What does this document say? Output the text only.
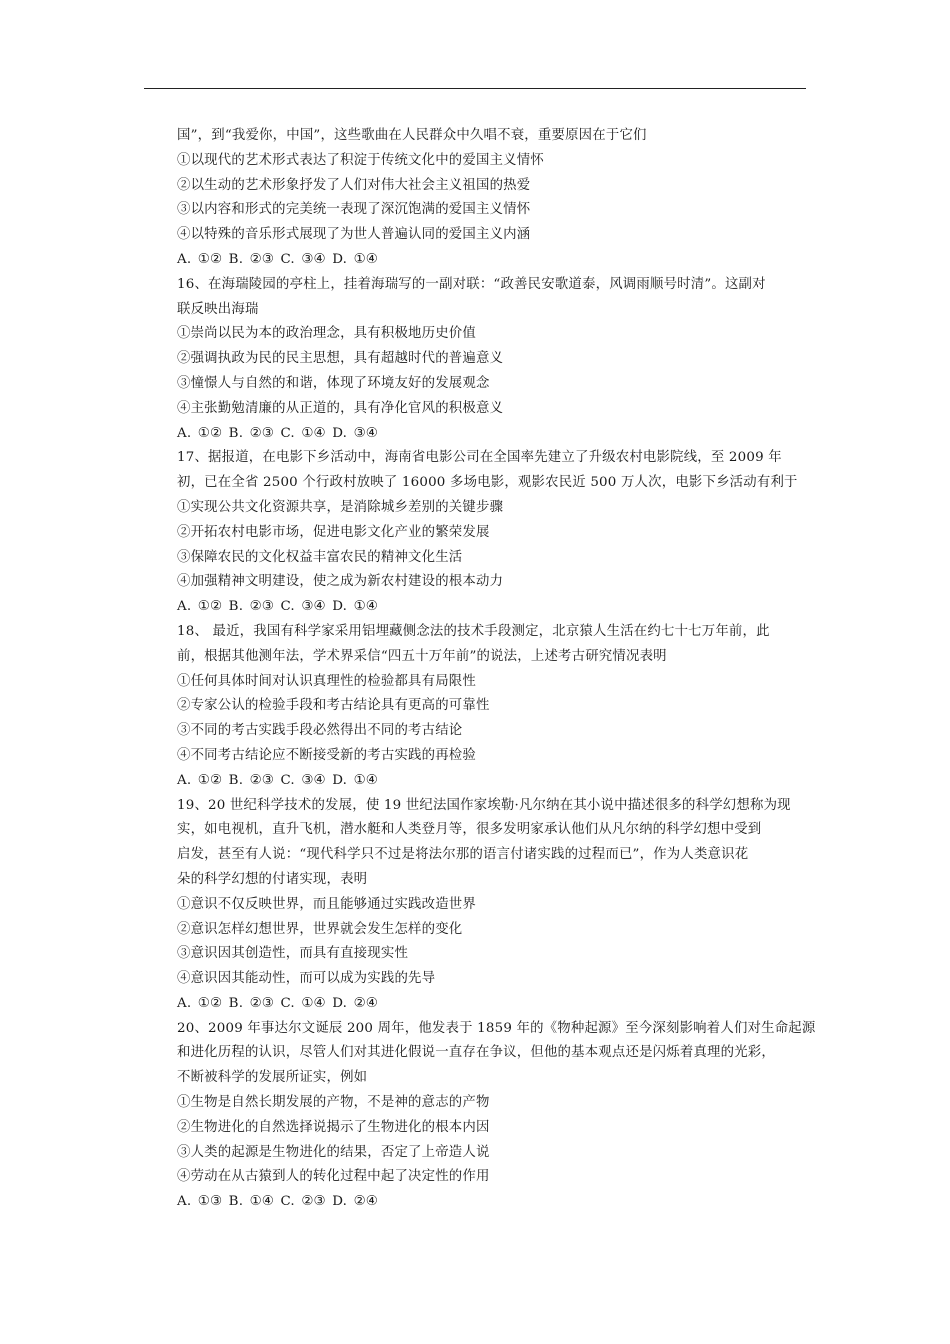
国”，到“我爱你，中国”，这些歌曲在人民群众中久唱不衰，重要原因在于它们
①以现代的艺术形式表达了积淀于传统文化中的爱国主义情怀
②以生动的艺术形象抒发了人们对伟大社会主义祖国的热爱
③以内容和形式的完美统一表现了深沉饱满的爱国主义情怀
④以特殊的音乐形式展现了为世人普遍认同的爱国主义内涵
A. ①② B. ②③ C. ③④ D. ①④
16、在海瑞陵园的亭柱上，挂着海瑞写的一副对联：“政善民安歌道泰，风调雨顺号时清”。这副对
联反映出海瑞
①崇尚以民为本的政治理念，具有积极地历史价值
②强调执政为民的民主思想，具有超越时代的普遍意义
③憧憬人与自然的和谐，体现了环境友好的发展观念
④主张勤勉清廉的从正道的，具有净化官风的积极意义
A. ①② B. ②③ C. ①④ D. ③④
17、据报道，在电影下乡活动中，海南省电影公司在全国率先建立了升级农村电影院线，至 2009 年
初，已在全省 2500 个行政村放映了 16000 多场电影，观影农民近 500 万人次，电影下乡活动有利于
①实现公共文化资源共享，是消除城乡差别的关键步骤
②开拓农村电影市场，促进电影文化产业的繁荣发展
③保障农民的文化权益丰富农民的精神文化生活
④加强精神文明建设，使之成为新农村建设的根本动力
A. ①② B. ②③ C. ③④ D. ①④
18、 最近，我国有科学家采用铝埋藏侧念法的技术手段测定，北京猿人生活在约七十七万年前，此
前，根据其他测年法，学术界采信“四五十万年前”的说法，上述考古研究情况表明
①任何具体时间对认识真理性的检验都具有局限性
②专家公认的检验手段和考古结论具有更高的可靠性
③不同的考古实践手段必然得出不同的考古结论
④不同考古结论应不断接受新的考古实践的再检验
A. ①② B. ②③ C. ③④ D. ①④
19、20 世纪科学技术的发展，使 19 世纪法国作家埃勒·凡尔纳在其小说中描述很多的科学幻想称为现
实，如电视机，直升飞机，潜水艇和人类登月等，很多发明家承认他们从凡尔纳的科学幻想中受到
启发，甚至有人说：“现代科学只不过是将法尔那的语言付诸实践的过程而已”，作为人类意识花
朵的科学幻想的付诸实现，表明
①意识不仅反映世界，而且能够通过实践改造世界
②意识怎样幻想世界，世界就会发生怎样的变化
③意识因其创造性，而具有直接现实性
④意识因其能动性，而可以成为实践的先导
A. ①② B. ②③ C. ①④ D. ②④
20、2009 年事达尔文诞辰 200 周年，他发表于 1859 年的《物种起源》至今深刻影响着人们对生命起源
和进化历程的认识，尽管人们对其进化假说一直存在争议，但他的基本观点还是闪烁着真理的光彩，
不断被科学的发展所证实，例如
①生物是自然长期发展的产物，不是神的意志的产物
②生物进化的自然选择说揭示了生物进化的根本内因
③人类的起源是生物进化的结果，否定了上帝造人说
④劳动在从古猿到人的转化过程中起了决定性的作用
A. ①③ B. ①④ C. ②③ D. ②④
